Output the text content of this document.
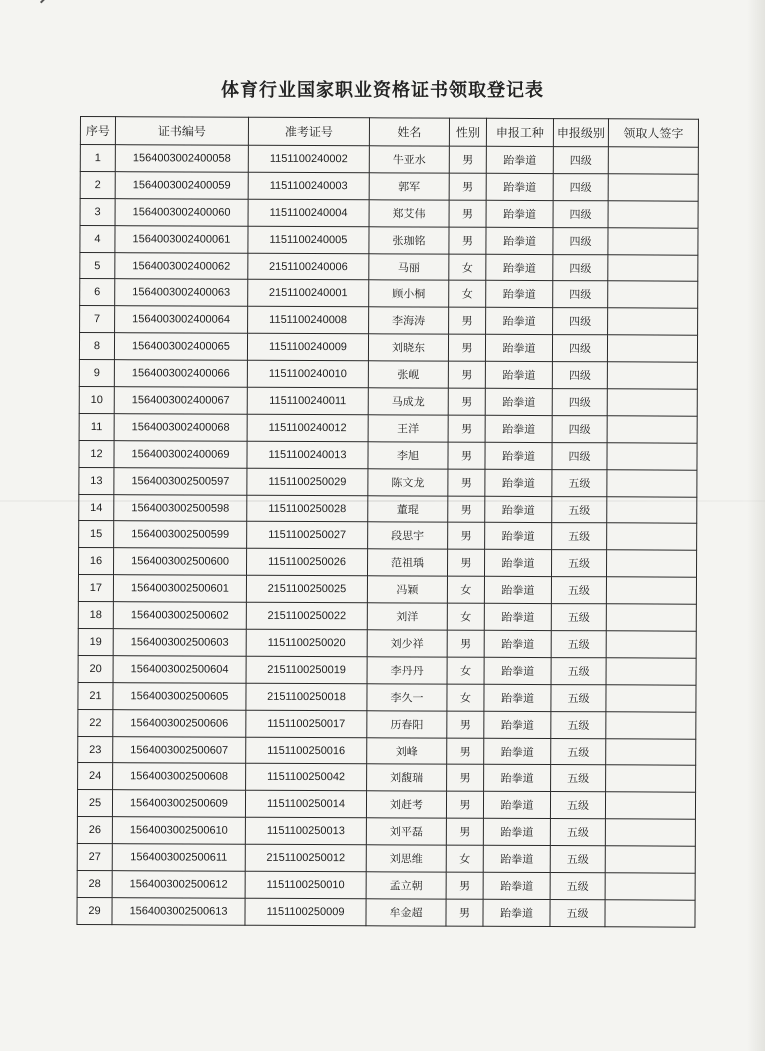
体育行业国家职业资格证书领取登记表
序号	证书编号	准考证号	姓名	性别	申报工种	申报级别	领取人签字
1	1564003002400058	1151100240002	牛亚水	男	跆拳道	四级	
2	1564003002400059	1151100240003	郭军	男	跆拳道	四级	
3	1564003002400060	1151100240004	郑艾伟	男	跆拳道	四级	
4	1564003002400061	1151100240005	张珈铭	男	跆拳道	四级	
5	1564003002400062	2151100240006	马丽	女	跆拳道	四级	
6	1564003002400063	2151100240001	顾小桐	女	跆拳道	四级	
7	1564003002400064	1151100240008	李海涛	男	跆拳道	四级	
8	1564003002400065	1151100240009	刘晓东	男	跆拳道	四级	
9	1564003002400066	1151100240010	张岘	男	跆拳道	四级	
10	1564003002400067	1151100240011	马成龙	男	跆拳道	四级	
11	1564003002400068	1151100240012	王洋	男	跆拳道	四级	
12	1564003002400069	1151100240013	李旭	男	跆拳道	四级	
13	1564003002500597	1151100250029	陈文龙	男	跆拳道	五级	
14	1564003002500598	1151100250028	董琨	男	跆拳道	五级	
15	1564003002500599	1151100250027	段思宇	男	跆拳道	五级	
16	1564003002500600	1151100250026	范祖瑀	男	跆拳道	五级	
17	1564003002500601	2151100250025	冯颖	女	跆拳道	五级	
18	1564003002500602	2151100250022	刘洋	女	跆拳道	五级	
19	1564003002500603	1151100250020	刘少祥	男	跆拳道	五级	
20	1564003002500604	2151100250019	李丹丹	女	跆拳道	五级	
21	1564003002500605	2151100250018	李久一	女	跆拳道	五级	
22	1564003002500606	1151100250017	历春阳	男	跆拳道	五级	
23	1564003002500607	1151100250016	刘峰	男	跆拳道	五级	
24	1564003002500608	1151100250042	刘馥瑞	男	跆拳道	五级	
25	1564003002500609	1151100250014	刘赶考	男	跆拳道	五级	
26	1564003002500610	1151100250013	刘平磊	男	跆拳道	五级	
27	1564003002500611	2151100250012	刘思维	女	跆拳道	五级	
28	1564003002500612	1151100250010	孟立朝	男	跆拳道	五级	
29	1564003002500613	1151100250009	牟金超	男	跆拳道	五级	
